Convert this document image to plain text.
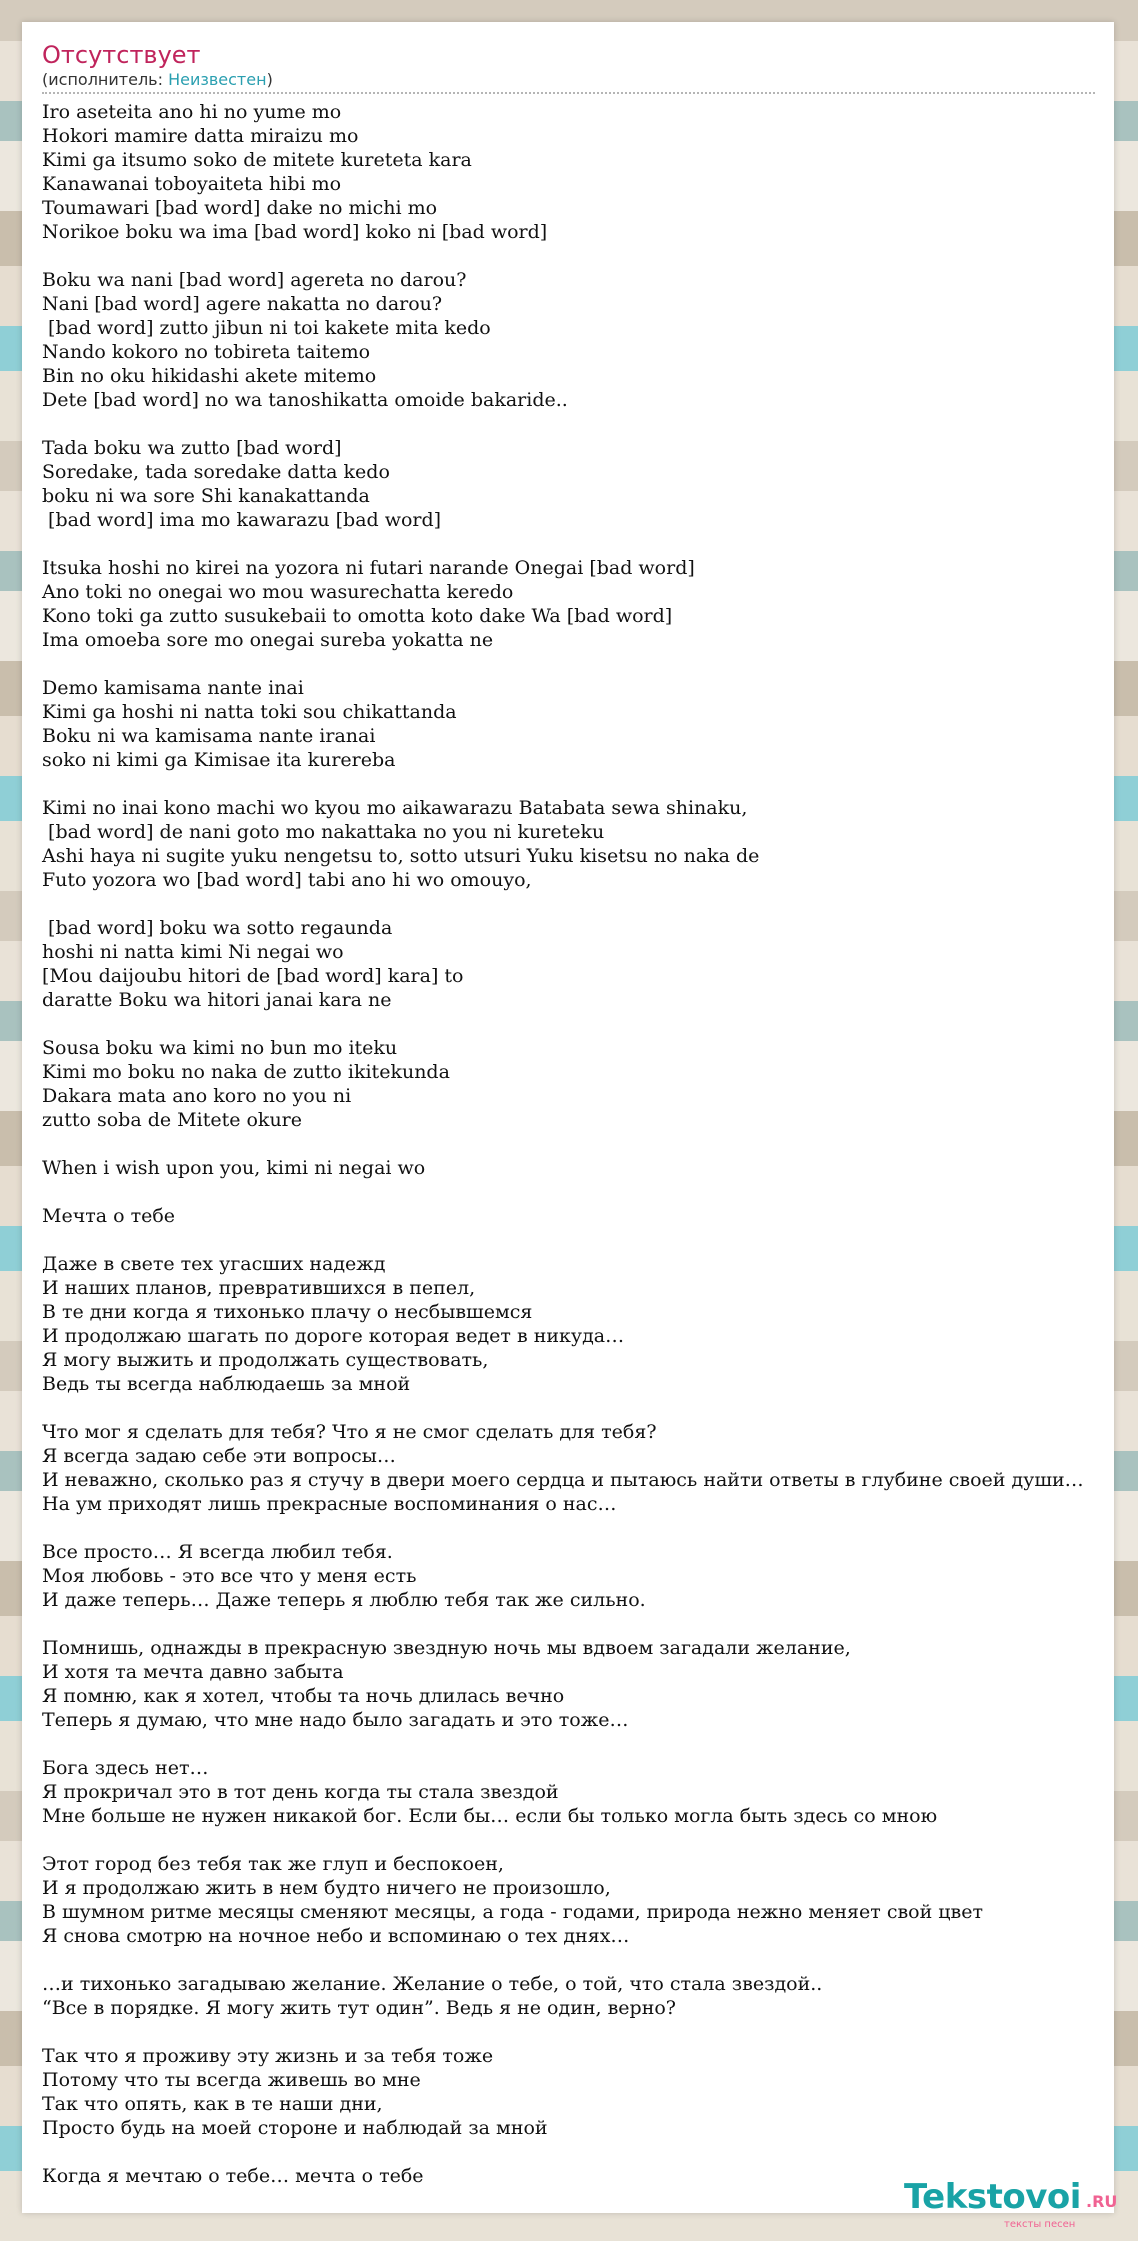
Отсутствует
(исполнитель: Неизвестен)
Iro aseteita ano hi no yume mo
Hokori mamire datta miraizu mo
Kimi ga itsumo soko de mitete kureteta kara
Kanawanai toboyaiteta hibi mo
Toumawari [bad word] dake no michi mo
Norikoe boku wa ima [bad word] koko ni [bad word]
Boku wa nani [bad word] agereta no darou?
Nani [bad word] agere nakatta no darou?
[bad word] zutto jibun ni toi kakete mita kedo
Nando kokoro no tobireta taitemo
Bin no oku hikidashi akete mitemo
Dete [bad word] no wa tanoshikatta omoide bakaride..
Tada boku wa zutto [bad word]
Soredake, tada soredake datta kedo
boku ni wa sore Shi kanakattanda
[bad word] ima mo kawarazu [bad word]
Itsuka hoshi no kirei na yozora ni futari narande Onegai [bad word]
Ano toki no onegai wo mou wasurechatta keredo
Kono toki ga zutto susukebaii to omotta koto dake Wa [bad word]
Ima omoeba sore mo onegai sureba yokatta ne
Demo kamisama nante inai
Kimi ga hoshi ni natta toki sou chikattanda
Boku ni wa kamisama nante iranai
soko ni kimi ga Kimisae ita kurereba
Kimi no inai kono machi wo kyou mo aikawarazu Batabata sewa shinaku,
[bad word] de nani goto mo nakattaka no you ni kureteku
Ashi haya ni sugite yuku nengetsu to, sotto utsuri Yuku kisetsu no naka de
Futo yozora wo [bad word] tabi ano hi wo omouyo,
[bad word] boku wa sotto regaunda
hoshi ni natta kimi Ni negai wo
[Mou daijoubu hitori de [bad word] kara] to
daratte Boku wa hitori janai kara ne
Sousa boku wa kimi no bun mo iteku
Kimi mo boku no naka de zutto ikitekunda
Dakara mata ano koro no you ni
zutto soba de Mitete okure
When i wish upon you, kimi ni negai wo
Мечта о тебе
Даже в свете тех угасших надежд
И наших планов, превратившихся в пепел,
В те дни когда я тихонько плачу о несбывшемся
И продолжаю шагать по дороге которая ведет в никуда…
Я могу выжить и продолжать существовать,
Ведь ты всегда наблюдаешь за мной
Что мог я сделать для тебя? Что я не смог сделать для тебя?
Я всегда задаю себе эти вопросы…
И неважно, сколько раз я стучу в двери моего сердца и пытаюсь найти ответы в глубине своей души…
На ум приходят лишь прекрасные воспоминания о нас…
Все просто… Я всегда любил тебя.
Моя любовь - это все что у меня есть
И даже теперь… Даже теперь я люблю тебя так же сильно.
Помнишь, однажды в прекрасную звездную ночь мы вдвоем загадали желание,
И хотя та мечта давно забыта
Я помню, как я хотел, чтобы та ночь длилась вечно
Теперь я думаю, что мне надо было загадать и это тоже…
Бога здесь нет…
Я прокричал это в тот день когда ты стала звездой
Мне больше не нужен никакой бог. Если бы… если бы только могла быть здесь со мною
Этот город без тебя так же глуп и беспокоен,
И я продолжаю жить в нем будто ничего не произошло,
В шумном ритме месяцы сменяют месяцы, а года - годами, природа нежно меняет свой цвет
Я снова смотрю на ночное небо и вспоминаю о тех днях…
…и тихонько загадываю желание. Желание о тебе, о той, что стала звездой..
“Все в порядке. Я могу жить тут один”. Ведь я не один, верно?
Так что я проживу эту жизнь и за тебя тоже
Потому что ты всегда живешь во мне
Так что опять, как в те наши дни,
Просто будь на моей стороне и наблюдай за мной
Когда я мечтаю о тебе… мечта о тебе
Tekstovoi .RU
тексты песен
